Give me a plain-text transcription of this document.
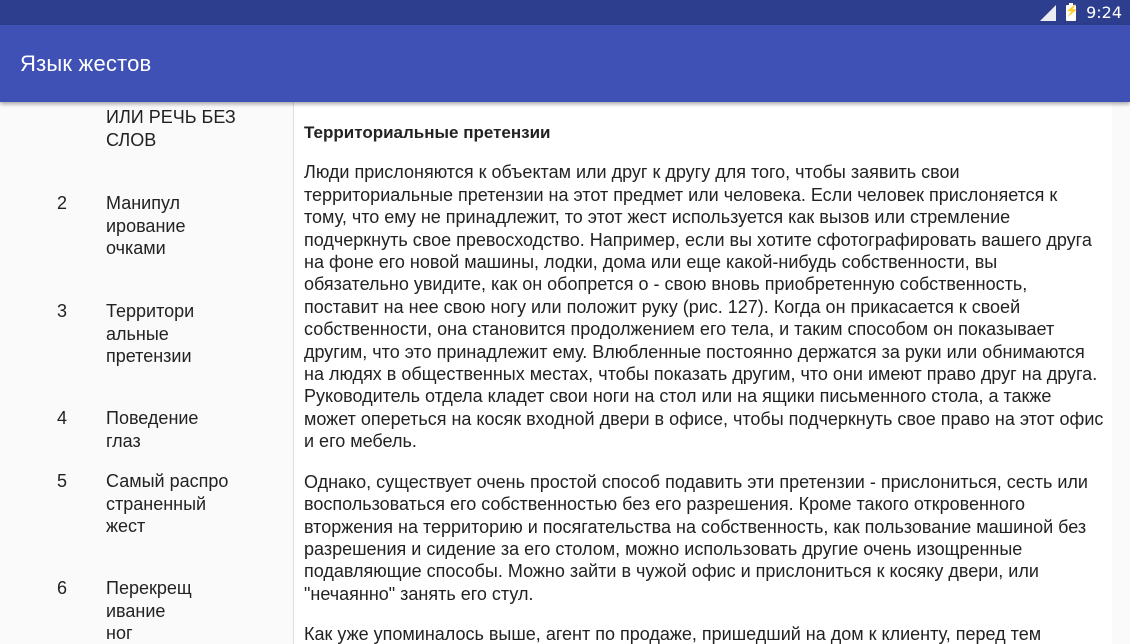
⚡
9:24
Язык жестов
ИЛИ РЕЧЬ БЕЗ
СЛОВ
2 Манипул
ирование
очками
3 Территори
альные
претензии
4 Поведение глаз
5 Самый распро
страненный
жест
6 Перекрещ
ивание
ног
Территориальные претензии

Люди прислоняются к объектам или друг к другу для того, чтобы заявить свои территориальные претензии на этот предмет или человека. Если человек прислоняется к тому, что ему не принадлежит, то этот жест используется как вызов или стремление подчеркнуть свое превосходство. Например, если вы хотите сфотографировать вашего друга на фоне его новой машины, лодки, дома или еще какой-нибудь собственности, вы обязательно увидите, как он обопрется о - свою вновь приобретенную собственность, поставит на нее свою ногу или положит руку (рис. 127). Когда он прикасается к своей собственности, она становится продолжением его тела, и таким способом он показывает другим, что это принадлежит ему. Влюбленные постоянно держатся за руки или обнимаются на людях в общественных местах, чтобы показать другим, что они имеют право друг на друга. Руководитель отдела кладет свои ноги на стол или на ящики письменного стола, а также может опереться на косяк входной двери в офисе, чтобы подчеркнуть свое право на этот офис и его мебель.

Однако, существует очень простой способ подавить эти претензии - прислониться, сесть или воспользоваться его собственностью без его разрешения. Кроме такого откровенного вторжения на территорию и посягательства на собственность, как пользование машиной без разрешения и сидение за его столом, можно использовать другие очень изощренные подавляющие способы. Можно зайти в чужой офис и прислониться к косяку двери, или "нечаянно" занять его стул.

Как уже упоминалось выше, агент по продаже, пришедший на дом к клиенту, перед тем
